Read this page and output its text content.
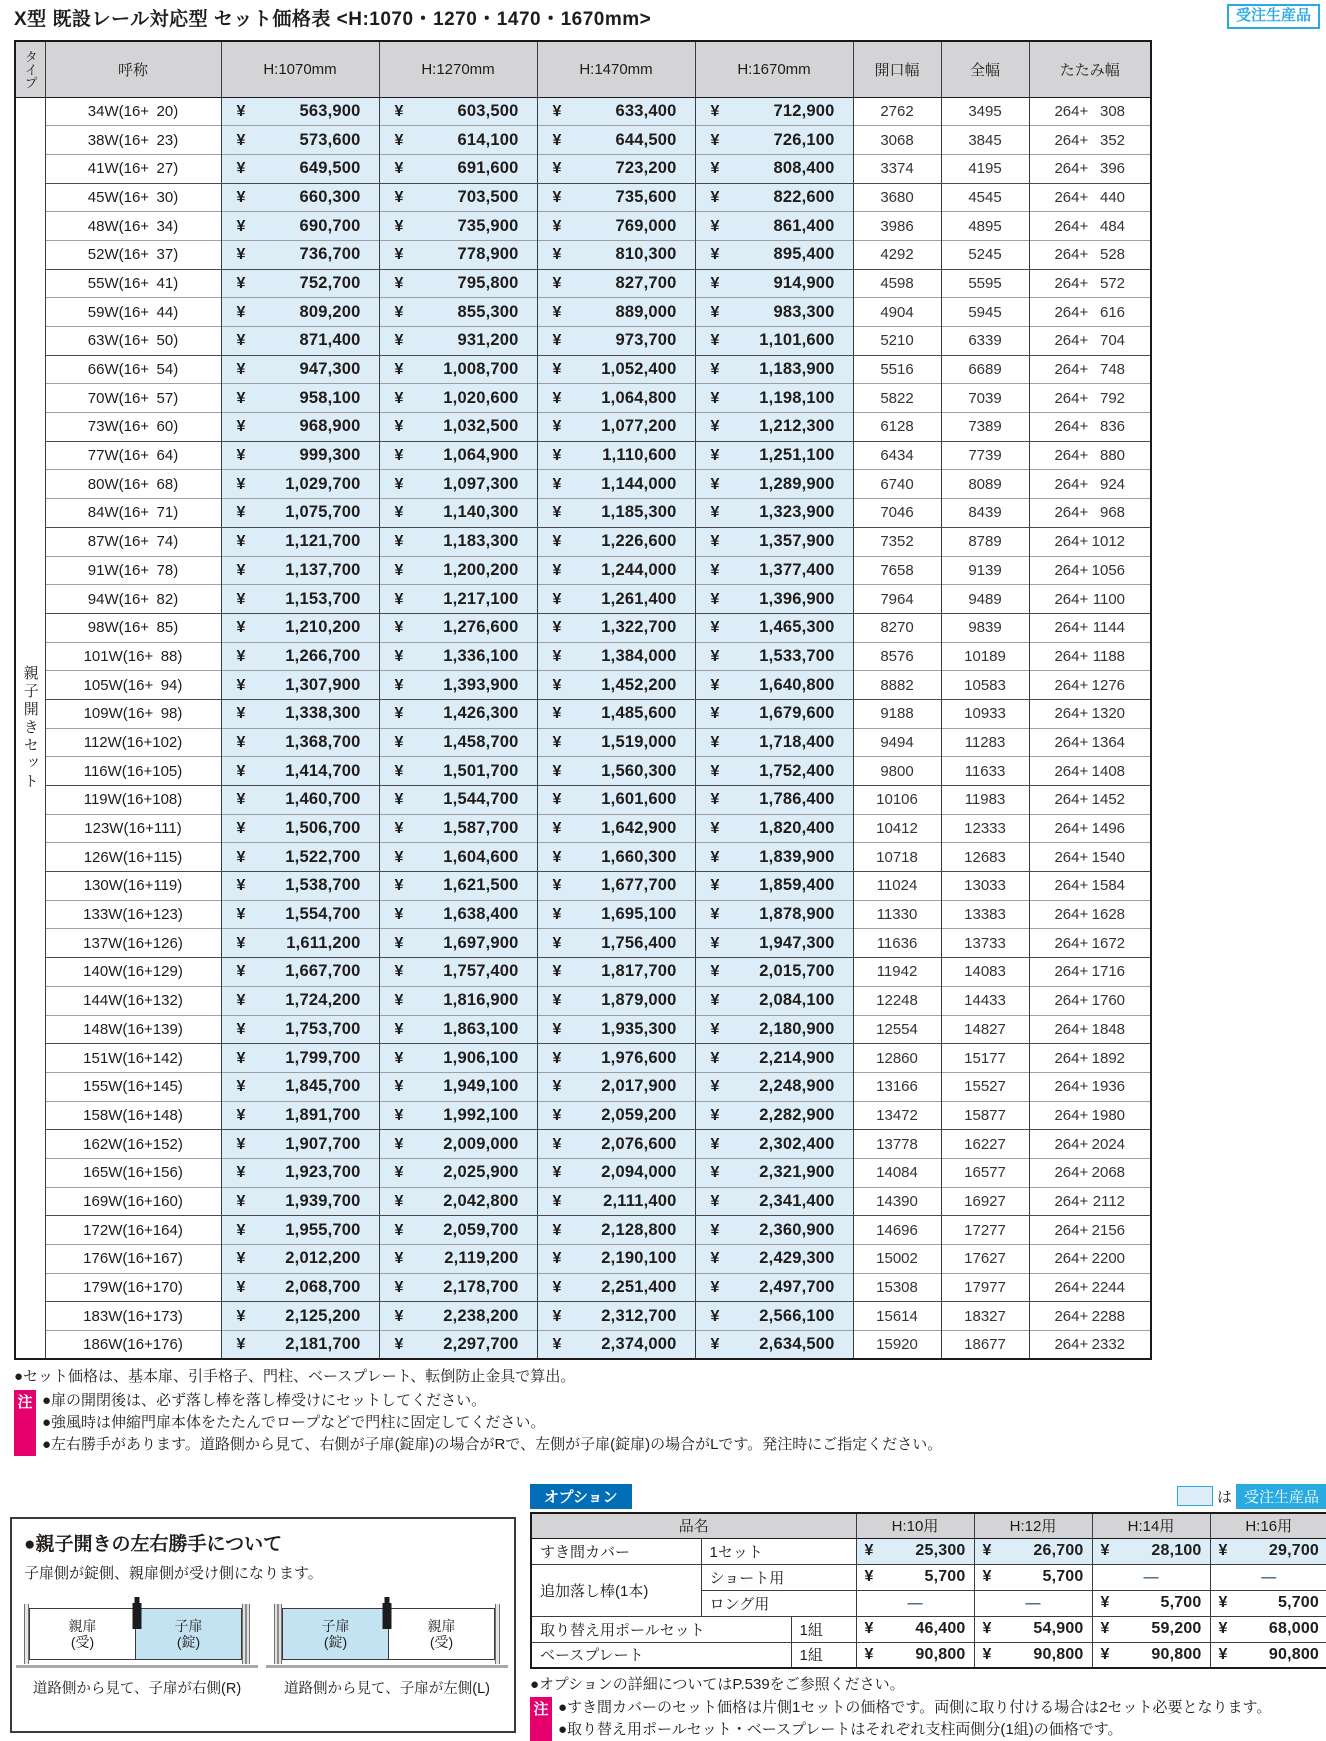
X型 既設レール対応型 セット価格表 <H:1070・1270・1470・1670mm>	受注生産品
タイプ	呼称	H:1070mm	H:1270mm	H:1470mm	H:1670mm	開口幅	全幅	たたみ幅

親子開きセット	34W(16+ 20)	¥ 563,900	¥ 603,500	¥ 633,400	¥ 712,900	2762	3495	264+ 308
	38W(16+ 23)	¥ 573,600	¥ 614,100	¥ 644,500	¥ 726,100	3068	3845	264+ 352
	41W(16+ 27)	¥ 649,500	¥ 691,600	¥ 723,200	¥ 808,400	3374	4195	264+ 396
	45W(16+ 30)	¥ 660,300	¥ 703,500	¥ 735,600	¥ 822,600	3680	4545	264+ 440
	48W(16+ 34)	¥ 690,700	¥ 735,900	¥ 769,000	¥ 861,400	3986	4895	264+ 484
	52W(16+ 37)	¥ 736,700	¥ 778,900	¥ 810,300	¥ 895,400	4292	5245	264+ 528
	55W(16+ 41)	¥ 752,700	¥ 795,800	¥ 827,700	¥ 914,900	4598	5595	264+ 572
	59W(16+ 44)	¥ 809,200	¥ 855,300	¥ 889,000	¥ 983,300	4904	5945	264+ 616
	63W(16+ 50)	¥ 871,400	¥ 931,200	¥ 973,700	¥ 1,101,600	5210	6339	264+ 704
	66W(16+ 54)	¥ 947,300	¥ 1,008,700	¥ 1,052,400	¥ 1,183,900	5516	6689	264+ 748
	70W(16+ 57)	¥ 958,100	¥ 1,020,600	¥ 1,064,800	¥ 1,198,100	5822	7039	264+ 792
	73W(16+ 60)	¥ 968,900	¥ 1,032,500	¥ 1,077,200	¥ 1,212,300	6128	7389	264+ 836
	77W(16+ 64)	¥ 999,300	¥ 1,064,900	¥ 1,110,600	¥ 1,251,100	6434	7739	264+ 880
	80W(16+ 68)	¥ 1,029,700	¥ 1,097,300	¥ 1,144,000	¥ 1,289,900	6740	8089	264+ 924
	84W(16+ 71)	¥ 1,075,700	¥ 1,140,300	¥ 1,185,300	¥ 1,323,900	7046	8439	264+ 968
	87W(16+ 74)	¥ 1,121,700	¥ 1,183,300	¥ 1,226,600	¥ 1,357,900	7352	8789	264+ 1012
	91W(16+ 78)	¥ 1,137,700	¥ 1,200,200	¥ 1,244,000	¥ 1,377,400	7658	9139	264+ 1056
	94W(16+ 82)	¥ 1,153,700	¥ 1,217,100	¥ 1,261,400	¥ 1,396,900	7964	9489	264+ 1100
	98W(16+ 85)	¥ 1,210,200	¥ 1,276,600	¥ 1,322,700	¥ 1,465,300	8270	9839	264+ 1144
	101W(16+ 88)	¥ 1,266,700	¥ 1,336,100	¥ 1,384,000	¥ 1,533,700	8576	10189	264+ 1188
	105W(16+ 94)	¥ 1,307,900	¥ 1,393,900	¥ 1,452,200	¥ 1,640,800	8882	10583	264+ 1276
	109W(16+ 98)	¥ 1,338,300	¥ 1,426,300	¥ 1,485,600	¥ 1,679,600	9188	10933	264+ 1320
	112W(16+102)	¥ 1,368,700	¥ 1,458,700	¥ 1,519,000	¥ 1,718,400	9494	11283	264+ 1364
	116W(16+105)	¥ 1,414,700	¥ 1,501,700	¥ 1,560,300	¥ 1,752,400	9800	11633	264+ 1408
	119W(16+108)	¥ 1,460,700	¥ 1,544,700	¥ 1,601,600	¥ 1,786,400	10106	11983	264+ 1452
	123W(16+111)	¥ 1,506,700	¥ 1,587,700	¥ 1,642,900	¥ 1,820,400	10412	12333	264+ 1496
	126W(16+115)	¥ 1,522,700	¥ 1,604,600	¥ 1,660,300	¥ 1,839,900	10718	12683	264+ 1540
	130W(16+119)	¥ 1,538,700	¥ 1,621,500	¥ 1,677,700	¥ 1,859,400	11024	13033	264+ 1584
	133W(16+123)	¥ 1,554,700	¥ 1,638,400	¥ 1,695,100	¥ 1,878,900	11330	13383	264+ 1628
	137W(16+126)	¥ 1,611,200	¥ 1,697,900	¥ 1,756,400	¥ 1,947,300	11636	13733	264+ 1672
	140W(16+129)	¥ 1,667,700	¥ 1,757,400	¥ 1,817,700	¥ 2,015,700	11942	14083	264+ 1716
	144W(16+132)	¥ 1,724,200	¥ 1,816,900	¥ 1,879,000	¥ 2,084,100	12248	14433	264+ 1760
	148W(16+139)	¥ 1,753,700	¥ 1,863,100	¥ 1,935,300	¥ 2,180,900	12554	14827	264+ 1848
	151W(16+142)	¥ 1,799,700	¥ 1,906,100	¥ 1,976,600	¥ 2,214,900	12860	15177	264+ 1892
	155W(16+145)	¥ 1,845,700	¥ 1,949,100	¥ 2,017,900	¥ 2,248,900	13166	15527	264+ 1936
	158W(16+148)	¥ 1,891,700	¥ 1,992,100	¥ 2,059,200	¥ 2,282,900	13472	15877	264+ 1980
	162W(16+152)	¥ 1,907,700	¥ 2,009,000	¥ 2,076,600	¥ 2,302,400	13778	16227	264+ 2024
	165W(16+156)	¥ 1,923,700	¥ 2,025,900	¥ 2,094,000	¥ 2,321,900	14084	16577	264+ 2068
	169W(16+160)	¥ 1,939,700	¥ 2,042,800	¥ 2,111,400	¥ 2,341,400	14390	16927	264+ 2112
	172W(16+164)	¥ 1,955,700	¥ 2,059,700	¥ 2,128,800	¥ 2,360,900	14696	17277	264+ 2156
	176W(16+167)	¥ 2,012,200	¥ 2,119,200	¥ 2,190,100	¥ 2,429,300	15002	17627	264+ 2200
	179W(16+170)	¥ 2,068,700	¥ 2,178,700	¥ 2,251,400	¥ 2,497,700	15308	17977	264+ 2244
	183W(16+173)	¥ 2,125,200	¥ 2,238,200	¥ 2,312,700	¥ 2,566,100	15614	18327	264+ 2288
	186W(16+176)	¥ 2,181,700	¥ 2,297,700	¥ 2,374,000	¥ 2,634,500	15920	18677	264+ 2332
●セット価格は、基本扉、引手格子、門柱、ベースプレート、転倒防止金具で算出。
注 ●扉の開閉後は、必ず落し棒を落し棒受けにセットしてください。
●強風時は伸縮門扉本体をたたんでロープなどで門柱に固定してください。
●左右勝手があります。道路側から見て、右側が子扉(錠扉)の場合がRで、左側が子扉(錠扉)の場合がLです。発注時にご指定ください。
●親子開きの左右勝手について
子扉側が錠側、親扉側が受け側になります。
親扉
(受)
子扉
(錠)
道路側から見て、子扉が右側(R)
子扉
(錠)
親扉
(受)
道路側から見て、子扉が左側(L)
オプション	は 受注生産品
品名			H:10用	H:12用	H:14用	H:16用
すき間カバー	1セット		¥ 25,300	¥ 26,700	¥ 28,100	¥ 29,700

追加落し棒(1本)	ショート用		¥ 5,700	¥ 5,700	—	—
	ロング用		—	—	¥ 5,700	¥ 5,700

取り替え用ポールセット		1組	¥ 46,400	¥ 54,900	¥ 59,200	¥ 68,000

ベースプレート		1組	¥ 90,800	¥ 90,800	¥ 90,800	¥ 90,800
●オプションの詳細についてはP.539をご参照ください。
注 ●すき間カバーのセット価格は片側1セットの価格です。両側に取り付ける場合は2セット必要となります。
●取り替え用ポールセット・ベースプレートはそれぞれ支柱両側分(1組)の価格です。
